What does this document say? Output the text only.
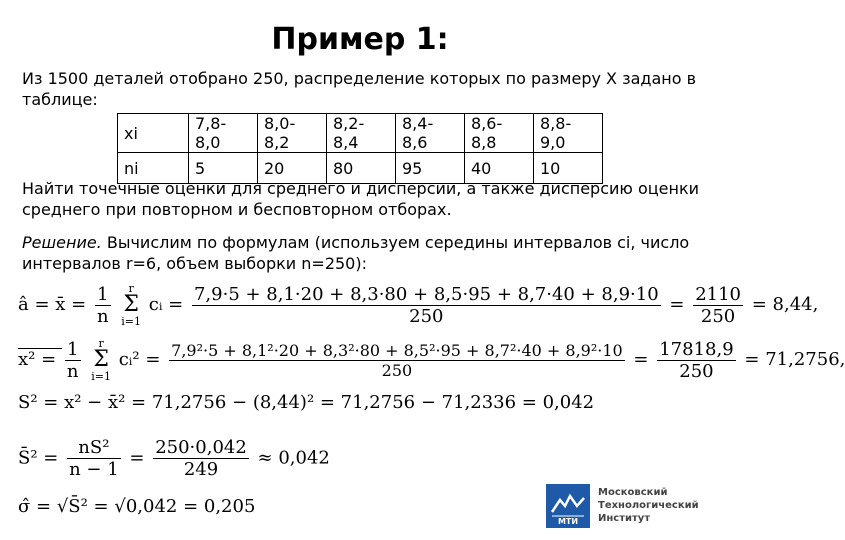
Пример 1:
Из 1500 деталей отобрано 250, распределение которых по размеру X задано в
таблице:
xi	7,8-8,0	8,0-8,2	8,2-8,4	8,4-8,6	8,6-8,8	8,8-9,0
ni	5	20	80	95	40	10
Найти точечные оценки для среднего и дисперсии, а также дисперсию оценки
среднего при повторном и бесповторном отборах.
Решение. Вычислим по формулам (используем середины интервалов ci, число
интервалов r=6, объем выборки n=250):
â = x̄ = $\frac{1}{n}$ r
Σ
i=1 cᵢ = $\frac{7,9\cdot 5 + 8,1\cdot 20 + 8,3\cdot 80 + 8,5\cdot 95 + 8,7\cdot 40 + 8,9\cdot 10}{250} = \frac{2110}{250} = 8,44$,
$x^2 = \frac{1}{n}$ r
Σ
i=1 cᵢ² = $\frac{\text{7,9²·5 + 8,1²·20 + 8,3²·80 + 8,5²·95 + 8,7²·40 + 8,9²·10}}{250} = \frac{17818,9}{250} = 71,2756$,
S² = x² − x̄² = 71,2756 − (8,44)² = 71,2756 − 71,2336 = 0,042
S̄² = $\frac{\text{nS²}}{n - 1} = \frac{250\cdot 0,042}{249} \approx 0,042$
σ̂ = √S̄² = √0,042 = 0,205
МТИ
Московский
Технологический
Институт
